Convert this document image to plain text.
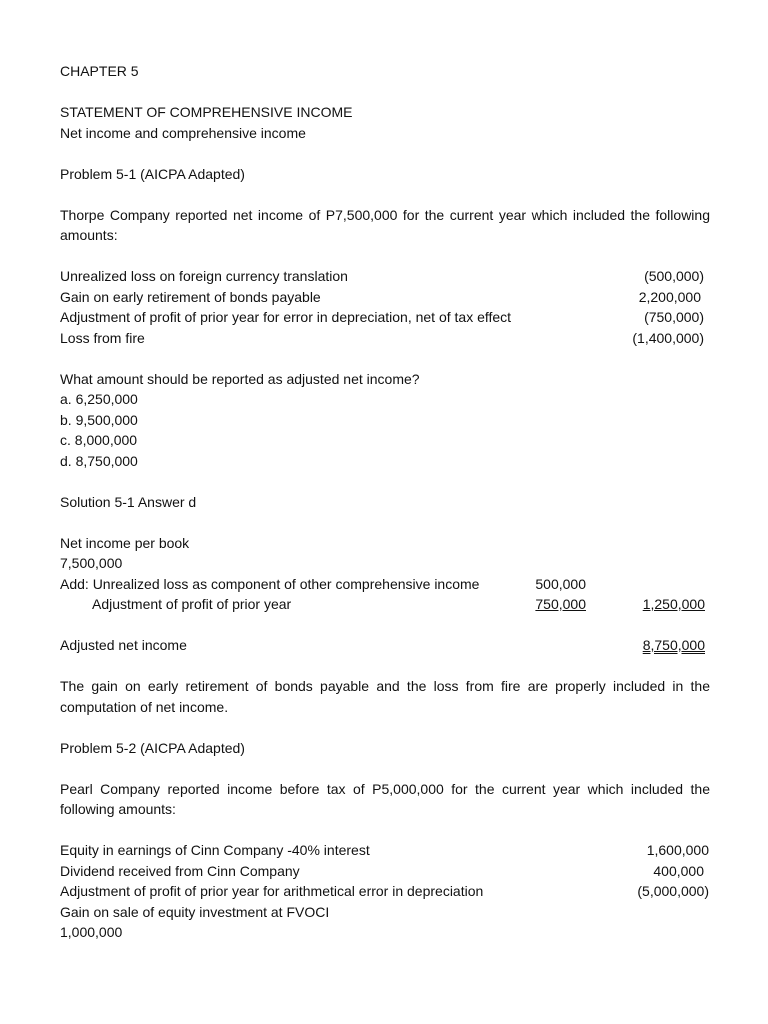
CHAPTER 5
STATEMENT OF COMPREHENSIVE INCOME
Net income and comprehensive income
Problem 5-1 (AICPA Adapted)
Thorpe Company reported net income of P7,500,000 for the current year which included the following amounts:
Unrealized loss on foreign currency translation	(500,000)
Gain on early retirement of bonds payable	2,200,000
Adjustment of profit of prior year for error in depreciation, net of tax effect	(750,000)
Loss from fire	(1,400,000)
What amount should be reported as adjusted net income?
a. 6,250,000
b. 9,500,000
c. 8,000,000
d. 8,750,000
Solution 5-1 Answer d
Net income per book
7,500,000
Add: Unrealized loss as component of other comprehensive income	500,000
Adjustment of profit of prior year	750,000	1,250,000
Adjusted net income	8,750,000
The gain on early retirement of bonds payable and the loss from fire are properly included in the computation of net income.
Problem 5-2 (AICPA Adapted)
Pearl Company reported income before tax of P5,000,000 for the current year which included the following amounts:
Equity in earnings of Cinn Company -40% interest	1,600,000
Dividend received from Cinn Company	400,000
Adjustment of profit of prior year for arithmetical error in depreciation	(5,000,000)
Gain on sale of equity investment at FVOCI
1,000,000
